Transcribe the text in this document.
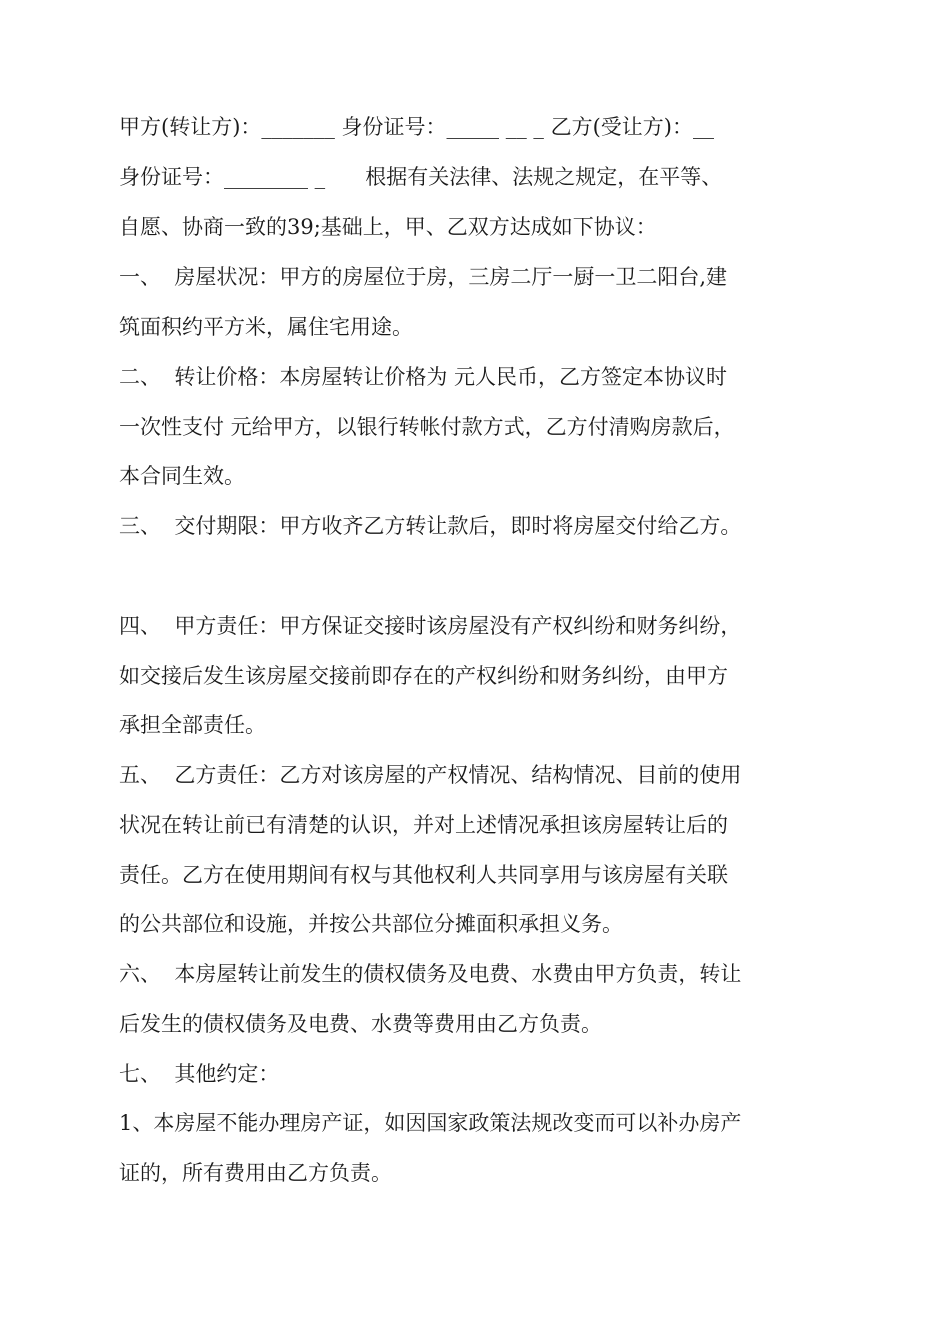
甲方(转让方)：_______ 身份证号：_____ __ _ 乙方(受让方)：__
身份证号：________ _      根据有关法律、法规之规定，在平等、
自愿、协商一致的39;基础上，甲、乙双方达成如下协议：
一、  房屋状况：甲方的房屋位于房，三房二厅一厨一卫二阳台,建
筑面积约平方米，属住宅用途。
二、  转让价格：本房屋转让价格为 元人民币，乙方签定本协议时
一次性支付 元给甲方，以银行转帐付款方式，乙方付清购房款后，
本合同生效。
三、  交付期限：甲方收齐乙方转让款后，即时将房屋交付给乙方。
四、  甲方责任：甲方保证交接时该房屋没有产权纠纷和财务纠纷，
如交接后发生该房屋交接前即存在的产权纠纷和财务纠纷，由甲方
承担全部责任。
五、  乙方责任：乙方对该房屋的产权情况、结构情况、目前的使用
状况在转让前已有清楚的认识，并对上述情况承担该房屋转让后的
责任。乙方在使用期间有权与其他权利人共同享用与该房屋有关联
的公共部位和设施，并按公共部位分摊面积承担义务。
六、  本房屋转让前发生的债权债务及电费、水费由甲方负责，转让
后发生的债权债务及电费、水费等费用由乙方负责。
七、  其他约定：
1、本房屋不能办理房产证，如因国家政策法规改变而可以补办房产
证的，所有费用由乙方负责。
